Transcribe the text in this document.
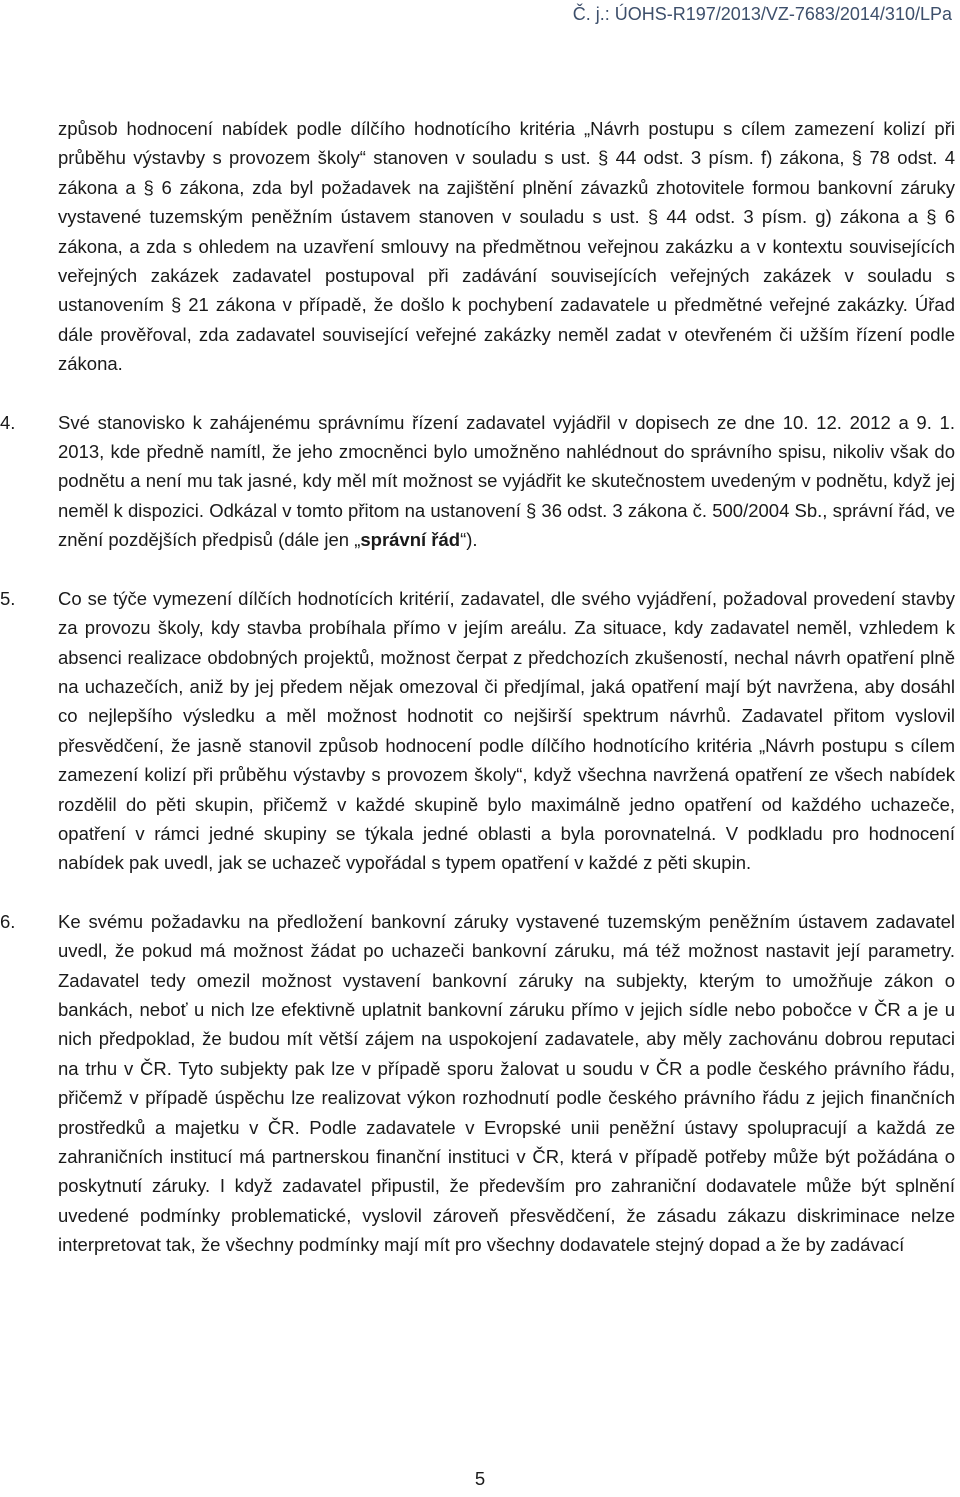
Č. j.: ÚOHS-R197/2013/VZ-7683/2014/310/LPa

způsob hodnocení nabídek podle dílčího hodnotícího kritéria „Návrh postupu s cílem zamezení kolizí při průběhu výstavby s provozem školy“ stanoven v souladu s ust. § 44 odst. 3 písm. f) zákona, § 78 odst. 4 zákona a § 6 zákona, zda byl požadavek na zajištění plnění závazků zhotovitele formou bankovní záruky vystavené tuzemským peněžním ústavem stanoven v souladu s ust. § 44 odst. 3 písm. g) zákona a § 6 zákona, a zda s ohledem na uzavření smlouvy na předmětnou veřejnou zakázku a v kontextu souvisejících veřejných zakázek zadavatel postupoval při zadávání souvisejících veřejných zakázek v souladu s ustanovením § 21 zákona v případě, že došlo k pochybení zadavatele u předmětné veřejné zakázky. Úřad dále prověřoval, zda zadavatel související veřejné zakázky neměl zadat v otevřeném či užším řízení podle zákona.

4.	Své stanovisko k zahájenému správnímu řízení zadavatel vyjádřil v dopisech ze dne 10. 12. 2012 a 9. 1. 2013, kde předně namítl, že jeho zmocněnci bylo umožněno nahlédnout do správního spisu, nikoliv však do podnětu a není mu tak jasné, kdy měl mít možnost se vyjádřit ke skutečnostem uvedeným v podnětu, když jej neměl k dispozici. Odkázal v tomto přitom na ustanovení § 36 odst. 3 zákona č. 500/2004 Sb., správní řád, ve znění pozdějších předpisů (dále jen „správní řád“).
5.	Co se týče vymezení dílčích hodnotících kritérií, zadavatel, dle svého vyjádření, požadoval provedení stavby za provozu školy, kdy stavba probíhala přímo v jejím areálu. Za situace, kdy zadavatel neměl, vzhledem k absenci realizace obdobných projektů, možnost čerpat z předchozích zkušeností, nechal návrh opatření plně na uchazečích, aniž by jej předem nějak omezoval či předjímal, jaká opatření mají být navržena, aby dosáhl co nejlepšího výsledku a měl možnost hodnotit co nejširší spektrum návrhů. Zadavatel přitom vyslovil přesvědčení, že jasně stanovil způsob hodnocení podle dílčího hodnotícího kritéria „Návrh postupu s cílem zamezení kolizí při průběhu výstavby s provozem školy“, když všechna navržená opatření ze všech nabídek rozdělil do pěti skupin, přičemž v každé skupině bylo maximálně jedno opatření od každého uchazeče, opatření v rámci jedné skupiny se týkala jedné oblasti a byla porovnatelná. V podkladu pro hodnocení nabídek pak uvedl, jak se uchazeč vypořádal s typem opatření v každé z pěti skupin.
6.	Ke svému požadavku na předložení bankovní záruky vystavené tuzemským peněžním ústavem zadavatel uvedl, že pokud má možnost žádat po uchazeči bankovní záruku, má též možnost nastavit její parametry. Zadavatel tedy omezil možnost vystavení bankovní záruky na subjekty, kterým to umožňuje zákon o bankách, neboť u nich lze efektivně uplatnit bankovní záruku přímo v jejich sídle nebo pobočce v ČR a je u nich předpoklad, že budou mít větší zájem na uspokojení zadavatele, aby měly zachovánu dobrou reputaci na trhu v ČR. Tyto subjekty pak lze v případě sporu žalovat u soudu v ČR a podle českého právního řádu, přičemž v případě úspěchu lze realizovat výkon rozhodnutí podle českého právního řádu z jejich finančních prostředků a majetku v ČR. Podle zadavatele v Evropské unii peněžní ústavy spolupracují a každá ze zahraničních institucí má partnerskou finanční instituci v ČR, která v případě potřeby může být požádána o poskytnutí záruky. I když zadavatel připustil, že především pro zahraniční dodavatele může být splnění uvedené podmínky problematické, vyslovil zároveň přesvědčení, že zásadu zákazu diskriminace nelze interpretovat tak, že všechny podmínky mají mít pro všechny dodavatele stejný dopad a že by zadávací
5
